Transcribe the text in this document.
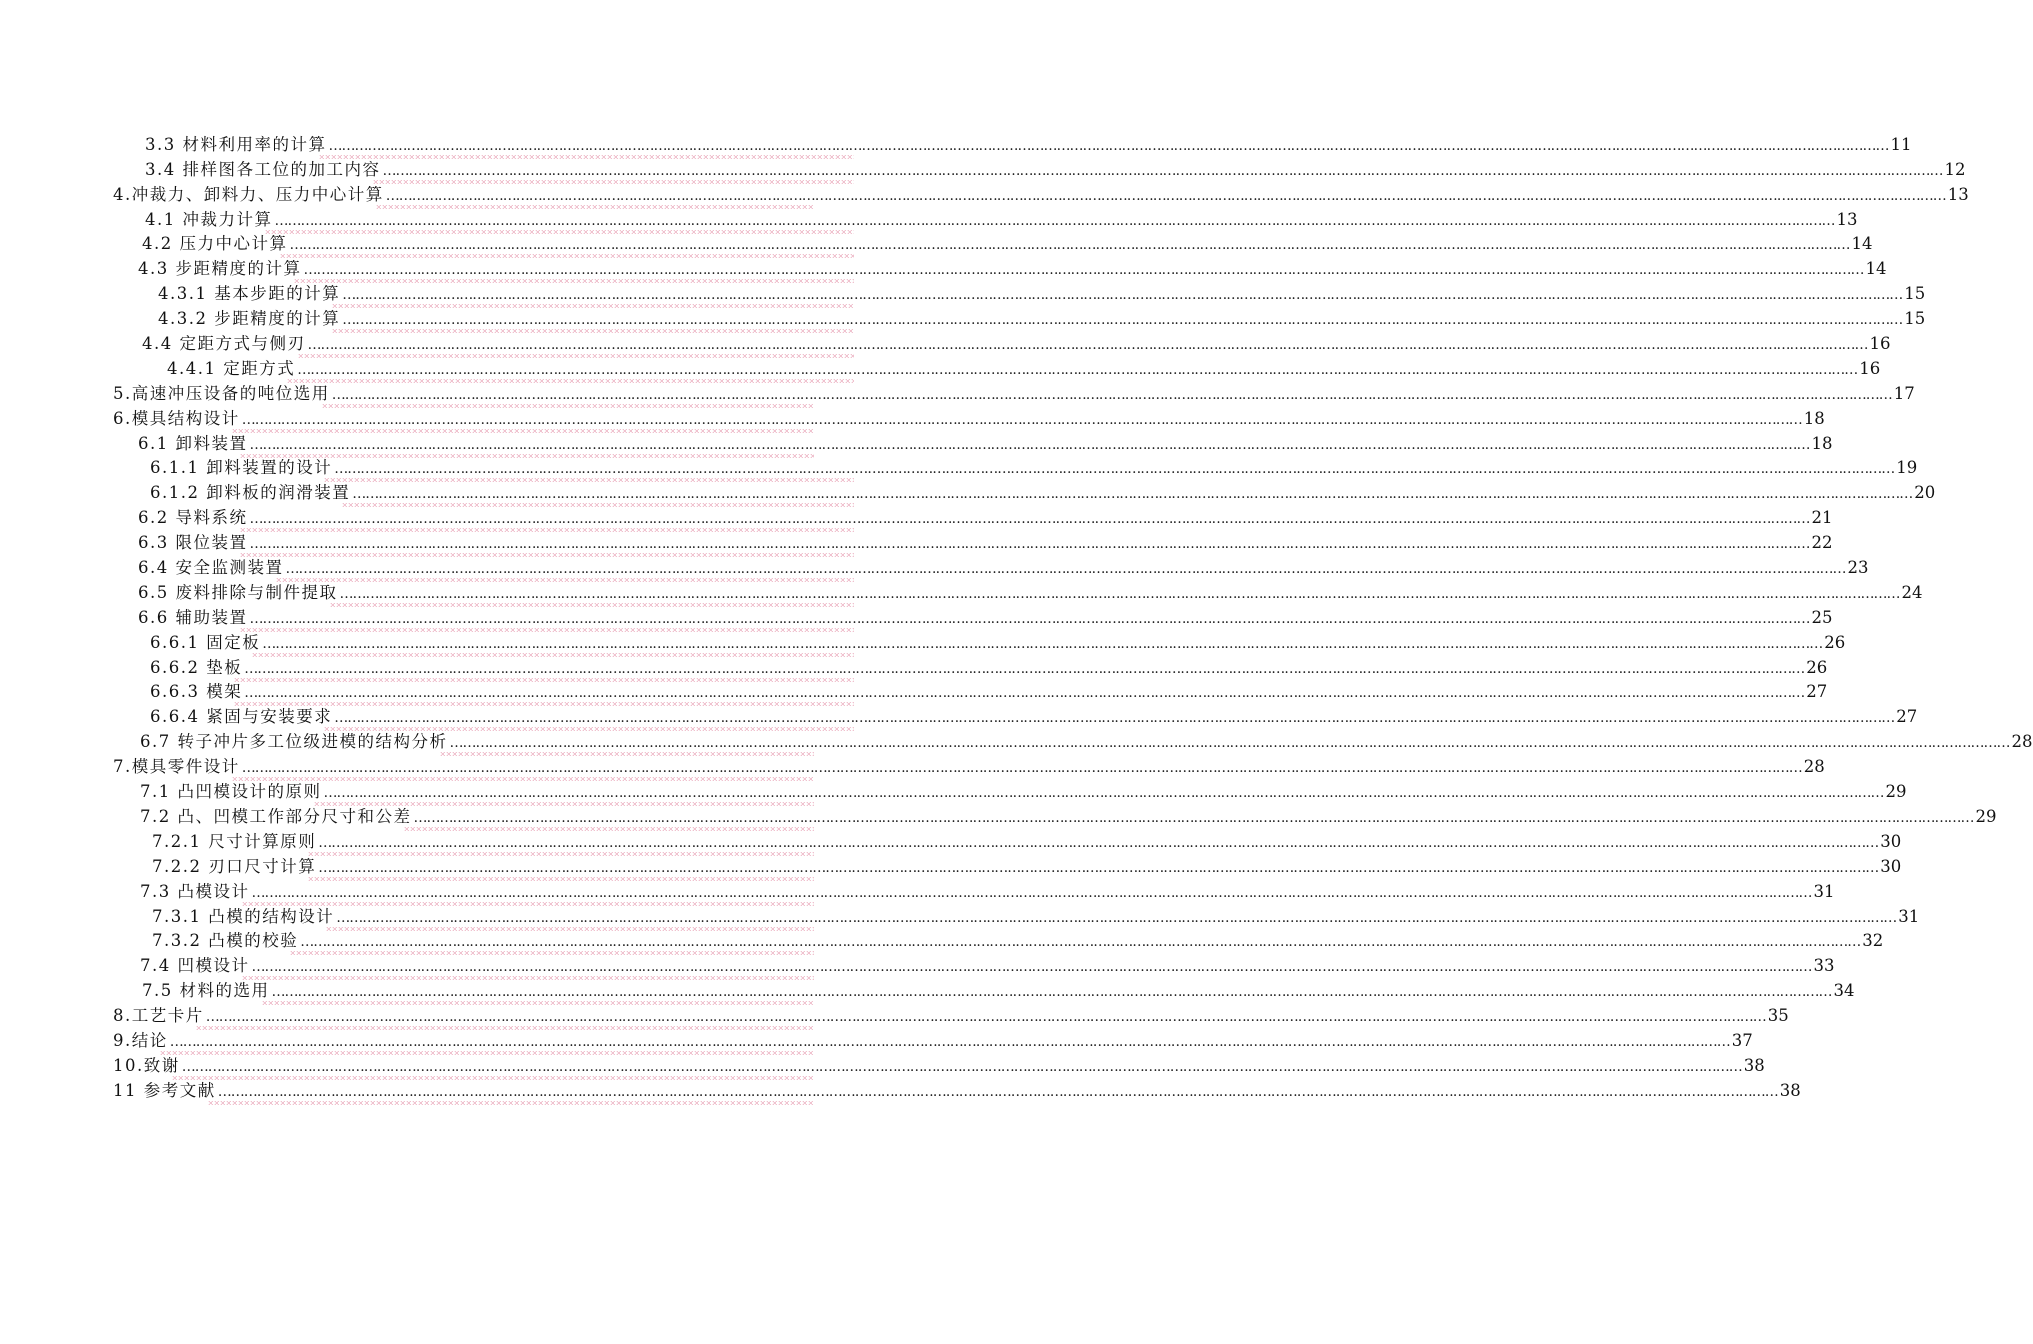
3.3 材料利用率的计算 ……………………………………………………………………………………………………………………………………………………………………………………………………………………………………………………………………………………………………………………………… 11
3.4 排样图各工位的加工内容 ……………………………………………………………………………………………………………………………………………………………………………………………………………………………………………………………………………………………………………………………… 12
4.冲裁力、卸料力、压力中心计算 ……………………………………………………………………………………………………………………………………………………………………………………………………………………………………………………………………………………………………………………………… 13
4.1 冲裁力计算 ……………………………………………………………………………………………………………………………………………………………………………………………………………………………………………………………………………………………………………………………… 13
4.2 压力中心计算 ……………………………………………………………………………………………………………………………………………………………………………………………………………………………………………………………………………………………………………………………… 14
4.3 步距精度的计算 ……………………………………………………………………………………………………………………………………………………………………………………………………………………………………………………………………………………………………………………………… 14
4.3.1 基本步距的计算 ……………………………………………………………………………………………………………………………………………………………………………………………………………………………………………………………………………………………………………………………… 15
4.3.2 步距精度的计算 ……………………………………………………………………………………………………………………………………………………………………………………………………………………………………………………………………………………………………………………………… 15
4.4 定距方式与侧刃 ……………………………………………………………………………………………………………………………………………………………………………………………………………………………………………………………………………………………………………………………… 16
4.4.1 定距方式 ……………………………………………………………………………………………………………………………………………………………………………………………………………………………………………………………………………………………………………………………… 16
5.高速冲压设备的吨位选用 ……………………………………………………………………………………………………………………………………………………………………………………………………………………………………………………………………………………………………………………………… 17
6.模具结构设计 ……………………………………………………………………………………………………………………………………………………………………………………………………………………………………………………………………………………………………………………………… 18
6.1 卸料装置 ……………………………………………………………………………………………………………………………………………………………………………………………………………………………………………………………………………………………………………………………… 18
6.1.1 卸料装置的设计 ……………………………………………………………………………………………………………………………………………………………………………………………………………………………………………………………………………………………………………………………… 19
6.1.2 卸料板的润滑装置 ……………………………………………………………………………………………………………………………………………………………………………………………………………………………………………………………………………………………………………………………… 20
6.2 导料系统 ……………………………………………………………………………………………………………………………………………………………………………………………………………………………………………………………………………………………………………………………… 21
6.3 限位装置 ……………………………………………………………………………………………………………………………………………………………………………………………………………………………………………………………………………………………………………………………… 22
6.4 安全监测装置 ……………………………………………………………………………………………………………………………………………………………………………………………………………………………………………………………………………………………………………………………… 23
6.5 废料排除与制件提取 ……………………………………………………………………………………………………………………………………………………………………………………………………………………………………………………………………………………………………………………………… 24
6.6 辅助装置 ……………………………………………………………………………………………………………………………………………………………………………………………………………………………………………………………………………………………………………………………… 25
6.6.1 固定板 ……………………………………………………………………………………………………………………………………………………………………………………………………………………………………………………………………………………………………………………………… 26
6.6.2 垫板 ……………………………………………………………………………………………………………………………………………………………………………………………………………………………………………………………………………………………………………………………… 26
6.6.3 模架 ……………………………………………………………………………………………………………………………………………………………………………………………………………………………………………………………………………………………………………………………… 27
6.6.4 紧固与安装要求 ……………………………………………………………………………………………………………………………………………………………………………………………………………………………………………………………………………………………………………………………… 27
6.7 转子冲片多工位级进模的结构分析 ……………………………………………………………………………………………………………………………………………………………………………………………………………………………………………………………………………………………………………………………… 28
7.模具零件设计 ……………………………………………………………………………………………………………………………………………………………………………………………………………………………………………………………………………………………………………………………… 28
7.1 凸凹模设计的原则 ……………………………………………………………………………………………………………………………………………………………………………………………………………………………………………………………………………………………………………………………… 29
7.2 凸、凹模工作部分尺寸和公差 ……………………………………………………………………………………………………………………………………………………………………………………………………………………………………………………………………………………………………………………………… 29
7.2.1 尺寸计算原则 ……………………………………………………………………………………………………………………………………………………………………………………………………………………………………………………………………………………………………………………………… 30
7.2.2 刃口尺寸计算 ……………………………………………………………………………………………………………………………………………………………………………………………………………………………………………………………………………………………………………………………… 30
7.3 凸模设计 ……………………………………………………………………………………………………………………………………………………………………………………………………………………………………………………………………………………………………………………………… 31
7.3.1 凸模的结构设计 ……………………………………………………………………………………………………………………………………………………………………………………………………………………………………………………………………………………………………………………………… 31
7.3.2 凸模的校验 ……………………………………………………………………………………………………………………………………………………………………………………………………………………………………………………………………………………………………………………………… 32
7.4 凹模设计 ……………………………………………………………………………………………………………………………………………………………………………………………………………………………………………………………………………………………………………………………… 33
7.5 材料的选用 ……………………………………………………………………………………………………………………………………………………………………………………………………………………………………………………………………………………………………………………………… 34
8.工艺卡片 ……………………………………………………………………………………………………………………………………………………………………………………………………………………………………………………………………………………………………………………………… 35
9.结论 ……………………………………………………………………………………………………………………………………………………………………………………………………………………………………………………………………………………………………………………………… 37
10.致谢 ……………………………………………………………………………………………………………………………………………………………………………………………………………………………………………………………………………………………………………………………… 38
11 参考文献 ……………………………………………………………………………………………………………………………………………………………………………………………………………………………………………………………………………………………………………………………… 38
